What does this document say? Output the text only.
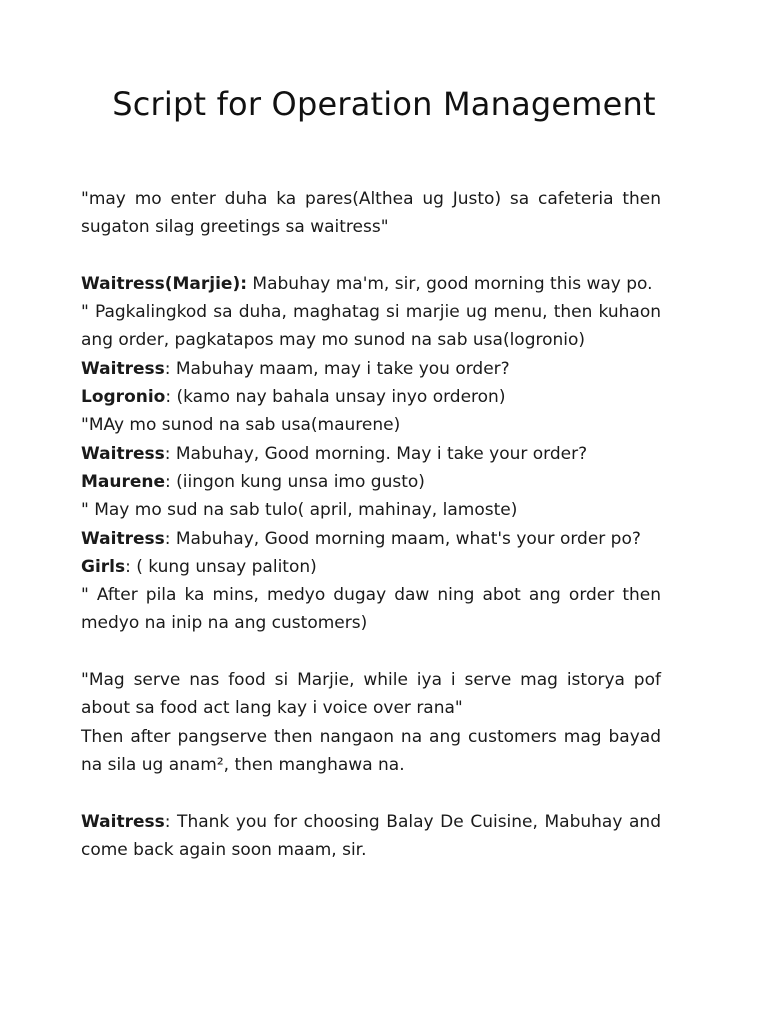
Script for Operation Management

"may mo enter duha ka pares(Althea ug Justo) sa cafeteria then sugaton silag greetings sa waitress"

Waitress(Marjie): Mabuhay ma'm, sir, good morning this way po.

" Pagkalingkod sa duha, maghatag si marjie ug menu, then kuhaon ang order, pagkatapos may mo sunod na sab usa(logronio)

Waitress: Mabuhay maam, may i take you order?

Logronio: (kamo nay bahala unsay inyo orderon)

"MAy mo sunod na sab usa(maurene)

Waitress: Mabuhay, Good morning. May i take your order?

Maurene: (iingon kung unsa imo gusto)

" May mo sud na sab tulo( april, mahinay, lamoste)

Waitress: Mabuhay, Good morning maam, what's your order po?

Girls: ( kung unsay paliton)

" After pila ka mins, medyo dugay daw ning abot ang order then medyo na inip na ang customers)

"Mag serve nas food si Marjie, while iya i serve mag istorya pof about sa food act lang kay i voice over rana"

Then after pangserve then nangaon na ang customers mag bayad na sila ug anam², then manghawa na.

Waitress: Thank you for choosing Balay De Cuisine, Mabuhay and come back again soon maam, sir.
